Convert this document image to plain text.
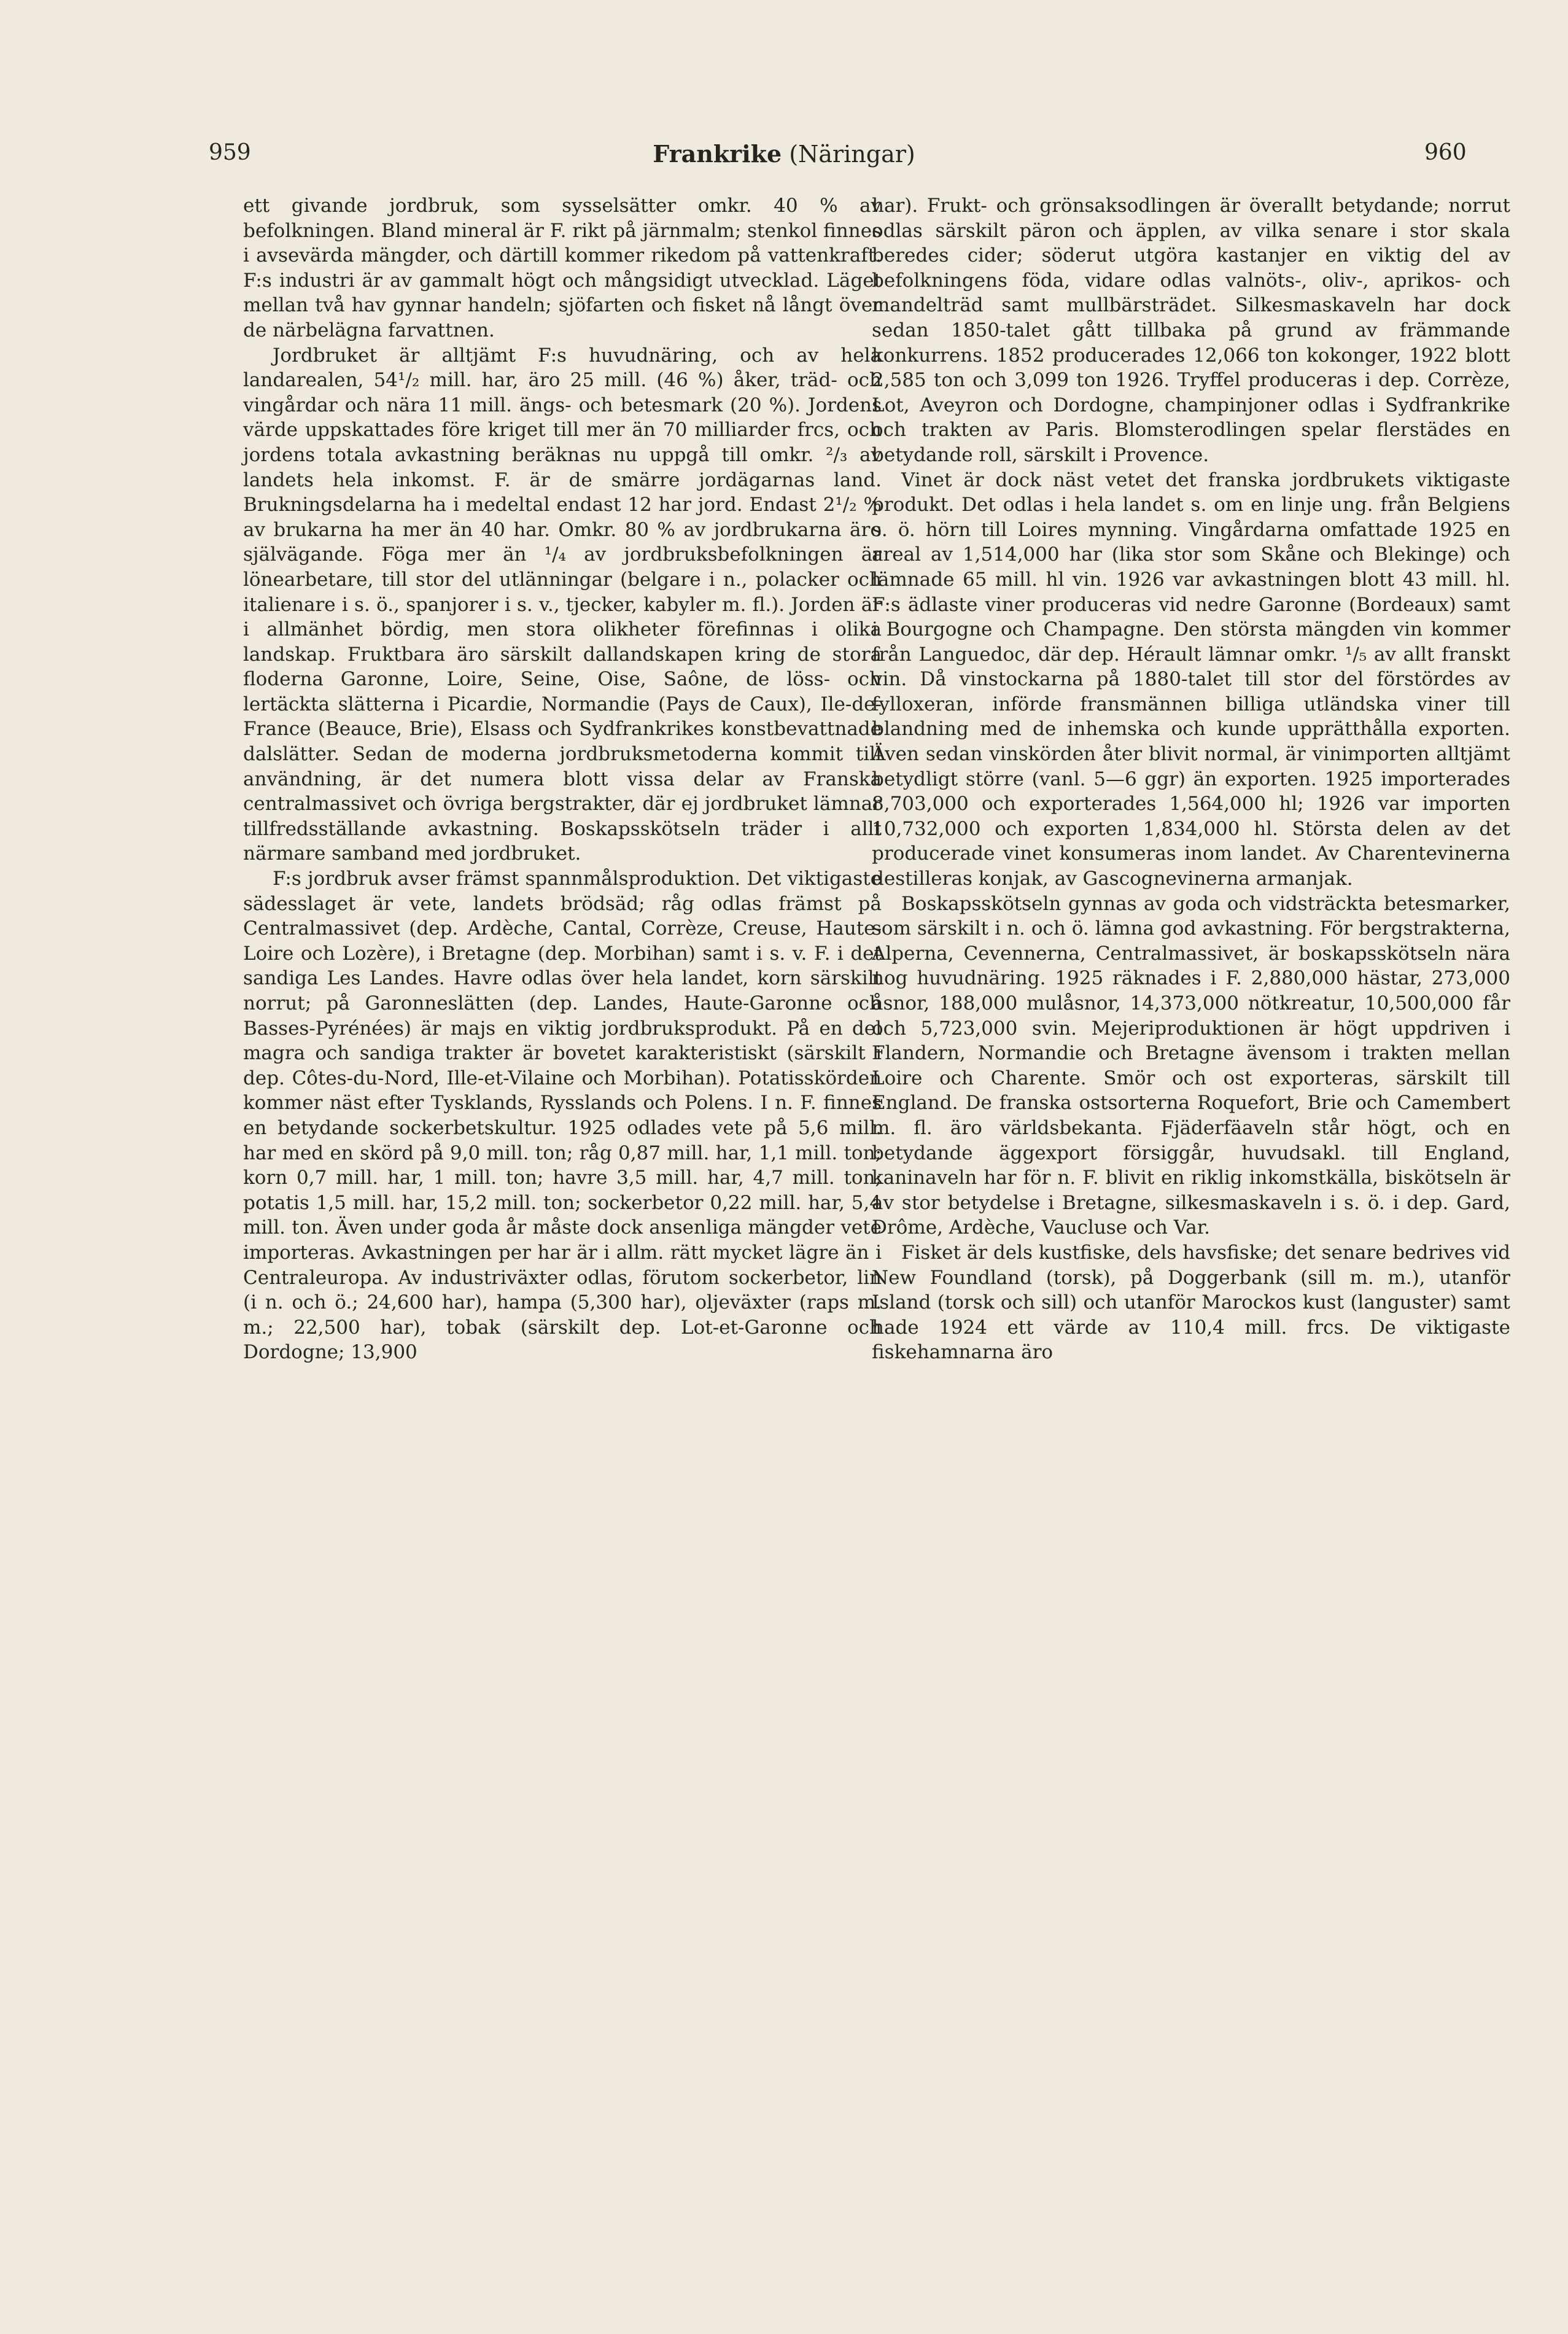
959	Frankrike (Näringar)	960

ett givande jordbruk, som sysselsätter omkr. 40 % av befolkningen. Bland mineral är F. rikt på järnmalm; stenkol finnes i avsevärda mängder, och därtill kommer rikedom på vattenkraft. F:s industri är av gammalt högt och mångsidigt utvecklad. Läget mellan två hav gynnar handeln; sjöfarten och fisket nå långt över de närbelägna farvattnen.

Jordbruket är alltjämt F:s huvudnäring, och av hela landarealen, 54¹/₂ mill. har, äro 25 mill. (46 %) åker, träd- och vingårdar och nära 11 mill. ängs- och betesmark (20 %). Jordens värde uppskattades före kriget till mer än 70 milliarder frcs, och jordens totala avkastning beräknas nu uppgå till omkr. ²/₃ av landets hela inkomst. F. är de smärre jordägarnas land. Brukningsdelarna ha i medeltal endast 12 har jord. Endast 2¹/₂ % av brukarna ha mer än 40 har. Omkr. 80 % av jordbrukarna äro självägande. Föga mer än ¹/₄ av jordbruksbefolkningen är lönearbetare, till stor del utlänningar (belgare i n., polacker och italienare i s. ö., spanjorer i s. v., tjecker, kabyler m. fl.). Jorden är i allmänhet bördig, men stora olikheter förefinnas i olika landskap. Fruktbara äro särskilt dallandskapen kring de stora floderna Garonne, Loire, Seine, Oise, Saône, de löss- och lertäckta slätterna i Picardie, Normandie (Pays de Caux), Ile-de-France (Beauce, Brie), Elsass och Sydfrankrikes konstbevattnade dalslätter. Sedan de moderna jordbruksmetoderna kommit till användning, är det numera blott vissa delar av Franska centralmassivet och övriga bergstrakter, där ej jordbruket lämnar tillfredsställande avkastning. Boskapsskötseln träder i allt närmare samband med jordbruket.

F:s jordbruk avser främst spannmålsproduktion. Det viktigaste sädesslaget är vete, landets brödsäd; råg odlas främst på Centralmassivet (dep. Ardèche, Cantal, Corrèze, Creuse, Haute-Loire och Lozère), i Bretagne (dep. Morbihan) samt i s. v. F. i det sandiga Les Landes. Havre odlas över hela landet, korn särskilt norrut; på Garonneslätten (dep. Landes, Haute-Garonne och Basses-Pyrénées) är majs en viktig jordbruksprodukt. På en del magra och sandiga trakter är bovetet karakteristiskt (särskilt i dep. Côtes-du-Nord, Ille-et-Vilaine och Morbihan). Potatisskörden kommer näst efter Tysklands, Rysslands och Polens. I n. F. finnes en betydande sockerbetskultur. 1925 odlades vete på 5,6 mill. har med en skörd på 9,0 mill. ton; råg 0,87 mill. har, 1,1 mill. ton; korn 0,7 mill. har, 1 mill. ton; havre 3,5 mill. har, 4,7 mill. ton; potatis 1,5 mill. har, 15,2 mill. ton; sockerbetor 0,22 mill. har, 5,4 mill. ton. Även under goda år måste dock ansenliga mängder vete importeras. Avkastningen per har är i allm. rätt mycket lägre än i Centraleuropa. Av industriväxter odlas, förutom sockerbetor, lin (i n. och ö.; 24,600 har), hampa (5,300 har), oljeväxter (raps m. m.; 22,500 har), tobak (särskilt dep. Lot-et-Garonne och Dordogne; 13,900

har). Frukt- och grönsaksodlingen är överallt betydande; norrut odlas särskilt päron och äpplen, av vilka senare i stor skala beredes cider; söderut utgöra kastanjer en viktig del av befolkningens föda, vidare odlas valnöts-, oliv-, aprikos- och mandelträd samt mullbärsträdet. Silkesmaskaveln har dock sedan 1850-talet gått tillbaka på grund av främmande konkurrens. 1852 producerades 12,066 ton kokonger, 1922 blott 2,585 ton och 3,099 ton 1926. Tryffel produceras i dep. Corrèze, Lot, Aveyron och Dordogne, champinjoner odlas i Sydfrankrike och trakten av Paris. Blomsterodlingen spelar flerstädes en betydande roll, särskilt i Provence.

Vinet är dock näst vetet det franska jordbrukets viktigaste produkt. Det odlas i hela landet s. om en linje ung. från Belgiens s. ö. hörn till Loires mynning. Vingårdarna omfattade 1925 en areal av 1,514,000 har (lika stor som Skåne och Blekinge) och lämnade 65 mill. hl vin. 1926 var avkastningen blott 43 mill. hl. F:s ädlaste viner produceras vid nedre Garonne (Bordeaux) samt i Bourgogne och Champagne. Den största mängden vin kommer från Languedoc, där dep. Hérault lämnar omkr. ¹/₅ av allt franskt vin. Då vinstockarna på 1880-talet till stor del förstördes av fylloxeran, införde fransmännen billiga utländska viner till blandning med de inhemska och kunde upprätthålla exporten. Även sedan vinskörden åter blivit normal, är vinimporten alltjämt betydligt större (vanl. 5—6 ggr) än exporten. 1925 importerades 8,703,000 och exporterades 1,564,000 hl; 1926 var importen 10,732,000 och exporten 1,834,000 hl. Största delen av det producerade vinet konsumeras inom landet. Av Charentevinerna destilleras konjak, av Gascognevinerna armanjak.

Boskapsskötseln gynnas av goda och vidsträckta betesmarker, som särskilt i n. och ö. lämna god avkastning. För bergstrakterna, Alperna, Cevennerna, Centralmassivet, är boskapsskötseln nära nog huvudnäring. 1925 räknades i F. 2,880,000 hästar, 273,000 åsnor, 188,000 mulåsnor, 14,373,000 nötkreatur, 10,500,000 får och 5,723,000 svin. Mejeriproduktionen är högt uppdriven i Flandern, Normandie och Bretagne ävensom i trakten mellan Loire och Charente. Smör och ost exporteras, särskilt till England. De franska ostsorterna Roquefort, Brie och Camembert m. fl. äro världsbekanta. Fjäderfäaveln står högt, och en betydande äggexport försiggår, huvudsakl. till England, kaninaveln har för n. F. blivit en riklig inkomstkälla, biskötseln är av stor betydelse i Bretagne, silkesmaskaveln i s. ö. i dep. Gard, Drôme, Ardèche, Vaucluse och Var.

Fisket är dels kustfiske, dels havsfiske; det senare bedrives vid New Foundland (torsk), på Doggerbank (sill m. m.), utanför Island (torsk och sill) och utanför Marockos kust (languster) samt hade 1924 ett värde av 110,4 mill. frcs. De viktigaste fiskehamnarna äro
